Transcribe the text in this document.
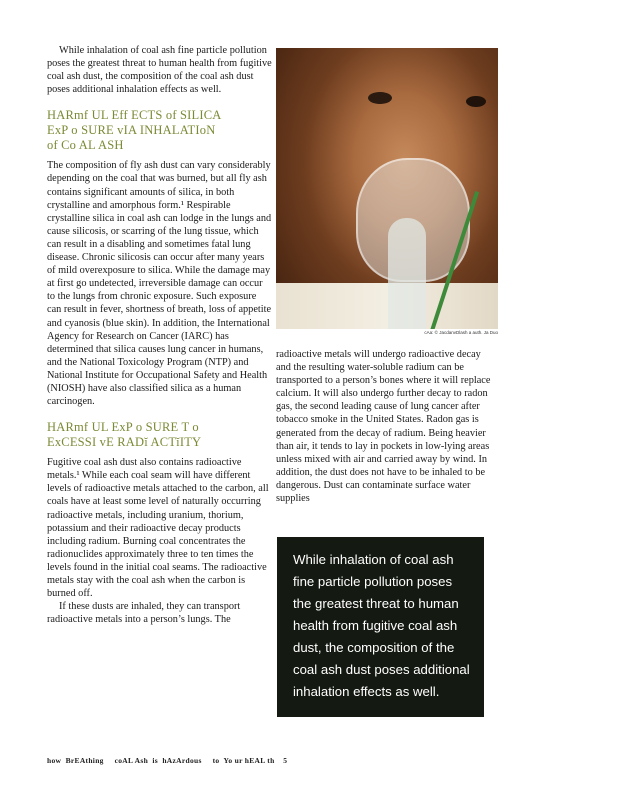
While inhalation of coal ash fine particle pollution poses the greatest threat to human health from fugitive coal ash dust, the composition of the coal ash dust poses additional inhalation effects as well.

HARmf UL Eff ECTS of SILICA
ExP o SURE vIA INHALATIoN
of Co AL ASH

The composition of fly ash dust can vary considerably depending on the coal that was burned, but all fly ash contains significant amounts of silica, in both crystalline and amorphous form.¹ Respirable crystalline silica in coal ash can lodge in the lungs and cause silicosis, or scarring of the lung tissue, which can result in a disabling and sometimes fatal lung disease. Chronic silicosis can occur after many years of mild overexposure to silica. While the damage may at first go undetected, irreversible damage can occur to the lungs from chronic exposure. Such exposure can result in fever, shortness of breath, loss of appetite and cyanosis (blue skin). In addition, the International Agency for Research on Cancer (IARC) has determined that silica causes lung cancer in humans, and the National Toxicology Program (NTP) and National Institute for Occupational Safety and Health (NIOSH) have also classified silica as a human carcinogen.

HARmf UL ExP o SURE T o
ExCESSI vE RADĭ ACTĭITY

Fugitive coal ash dust also contains radioactive metals.¹ While each coal seam will have different levels of radioactive metals attached to the carbon, all coals have at least some level of naturally occurring radioactive metals, including uranium, thorium, potassium and their radioactive decay products including radium. Burning coal concentrates the radionuclides approximately three to ten times the levels found in the initial coal seams. The radioactive metals stay with the coal ash when the carbon is burned off.

If these dusts are inhaled, they can transport radioactive metals into a person’s lungs. The

cAa: © JacdanvDlash a auth. Ja Duo

radioactive metals will undergo radioactive decay and the resulting water-soluble radium can be transported to a person’s bones where it will replace calcium. It will also undergo further decay to radon gas, the second leading cause of lung cancer after tobacco smoke in the United States. Radon gas is generated from the decay of radium. Being heavier than air, it tends to lay in pockets in low-lying areas unless mixed with air and carried away by wind. In addition, the dust does not have to be inhaled to be dangerous. Dust can contaminate surface water supplies

While inhalation of coal ash fine particle pollution poses the greatest threat to human health from fugitive coal ash dust, the composition of the coal ash dust poses additional inhalation effects as well.

how  BrEAthing     coAL Ash  is  hAzArdous     to  Yo ur hEAL th    5
